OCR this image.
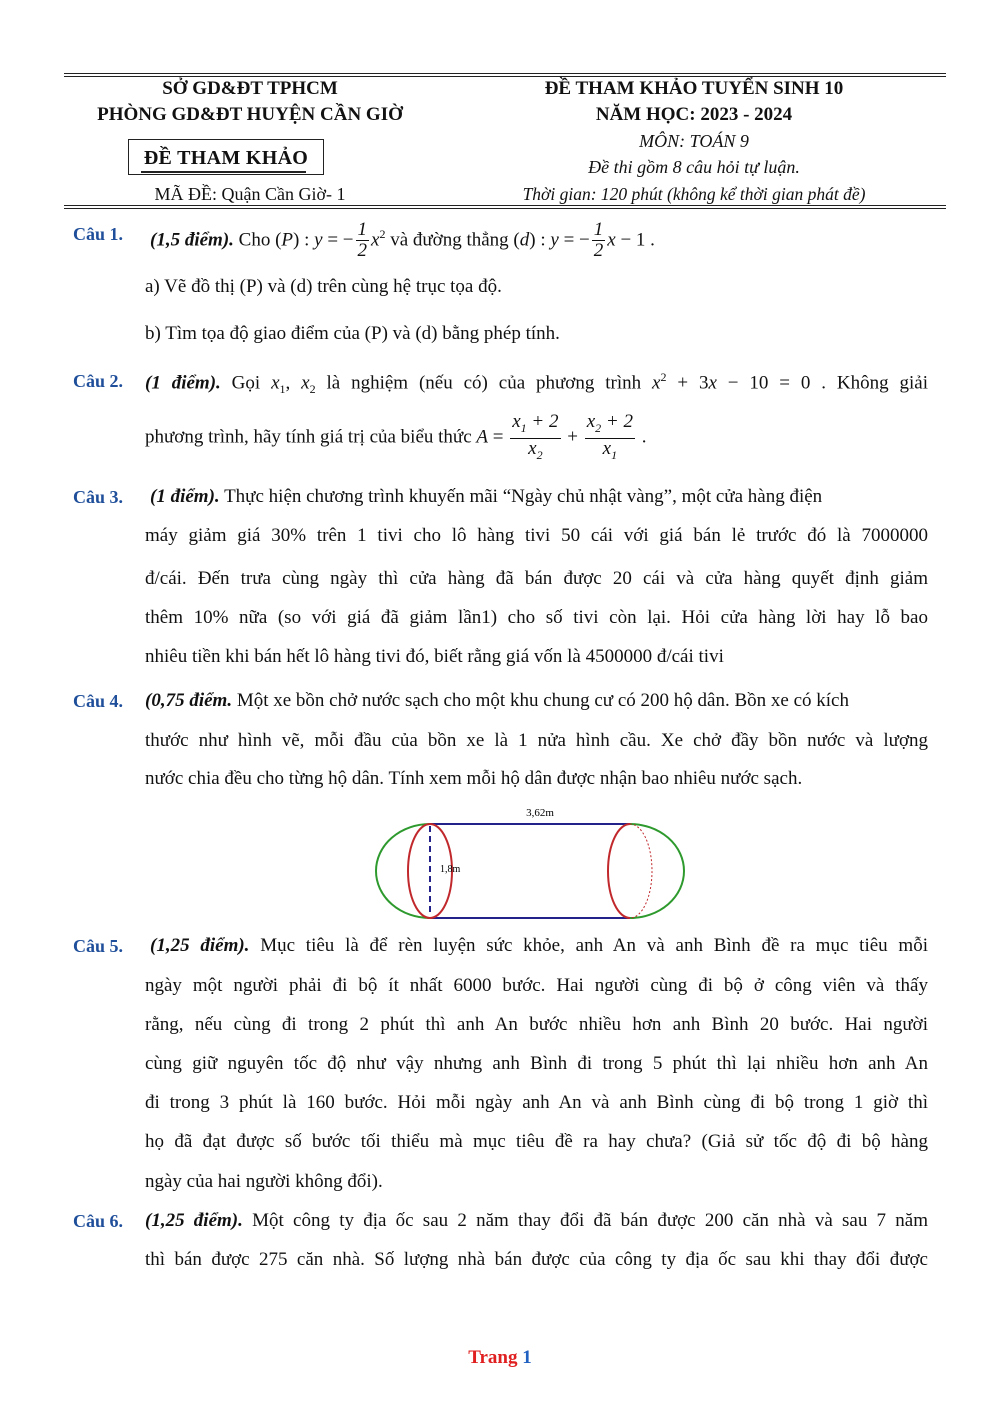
SỞ GD&ĐT TPHCM
PHÒNG GD&ĐT HUYỆN CẦN GIỜ
ĐỀ THAM KHẢO
MÃ ĐỀ: Quận Cần Giờ- 1
ĐỀ THAM KHẢO TUYỂN SINH 10
NĂM HỌC: 2023 - 2024
MÔN: TOÁN 9
Đề thi gồm 8 câu hỏi tự luận.
Thời gian: 120 phút (không kể thời gian phát đề)
Câu 1. (1,5 điểm). Cho (P) : y = − $\frac{1}{2} x^2$ và đường thẳng (d) : y = − $\frac{1}{2}$ x − 1 .
a) Vẽ đồ thị (P) và (d) trên cùng hệ trục tọa độ.
b) Tìm tọa độ giao điểm của (P) và (d) bằng phép tính.
Câu 2. (1 điểm). Gọi $x_1$, $x_2$ là nghiệm (nếu có) của phương trình $x^2 + 3x - 10 = 0$ . Không giải
phương trình, hãy tính giá trị của biểu thức $A = \frac{x_1 + 2}{x_2} + \frac{x_2 + 2}{x_1}$ .
Câu 3. (1 điểm). Thực hiện chương trình khuyến mãi “Ngày chủ nhật vàng”, một cửa hàng điện
máy giảm giá 30% trên 1 tivi cho lô hàng tivi 50 cái với giá bán lẻ trước đó là 7000000
đ/cái. Đến trưa cùng ngày thì cửa hàng đã bán được 20 cái và cửa hàng quyết định giảm
thêm 10% nữa (so với giá đã giảm lần1) cho số tivi còn lại. Hỏi cửa hàng lời hay lỗ bao
nhiêu tiền khi bán hết lô hàng tivi đó, biết rằng giá vốn là 4500000 đ/cái tivi
Câu 4. (0,75 điểm. Một xe bồn chở nước sạch cho một khu chung cư có 200 hộ dân. Bồn xe có kích
thước như hình vẽ, mỗi đầu của bồn xe là 1 nửa hình cầu. Xe chở đầy bồn nước và lượng
nước chia đều cho từng hộ dân. Tính xem mỗi hộ dân được nhận bao nhiêu nước sạch.
3,62m
1,8m
Câu 5. (1,25 điểm). Mục tiêu là để rèn luyện sức khỏe, anh An và anh Bình đề ra mục tiêu mỗi
ngày một người phải đi bộ ít nhất 6000 bước. Hai người cùng đi bộ ở công viên và thấy
rằng, nếu cùng đi trong 2 phút thì anh An bước nhiều hơn anh Bình 20 bước. Hai người
cùng giữ nguyên tốc độ như vậy nhưng anh Bình đi trong 5 phút thì lại nhiều hơn anh An
đi trong 3 phút là 160 bước. Hỏi mỗi ngày anh An và anh Bình cùng đi bộ trong 1 giờ thì
họ đã đạt được số bước tối thiểu mà mục tiêu đề ra hay chưa? (Giả sử tốc độ đi bộ hàng
ngày của hai người không đổi).
Câu 6. (1,25 điểm). Một công ty địa ốc sau 2 năm thay đổi đã bán được 200 căn nhà và sau 7 năm
thì bán được 275 căn nhà. Số lượng nhà bán được của công ty địa ốc sau khi thay đổi được
Trang 1
